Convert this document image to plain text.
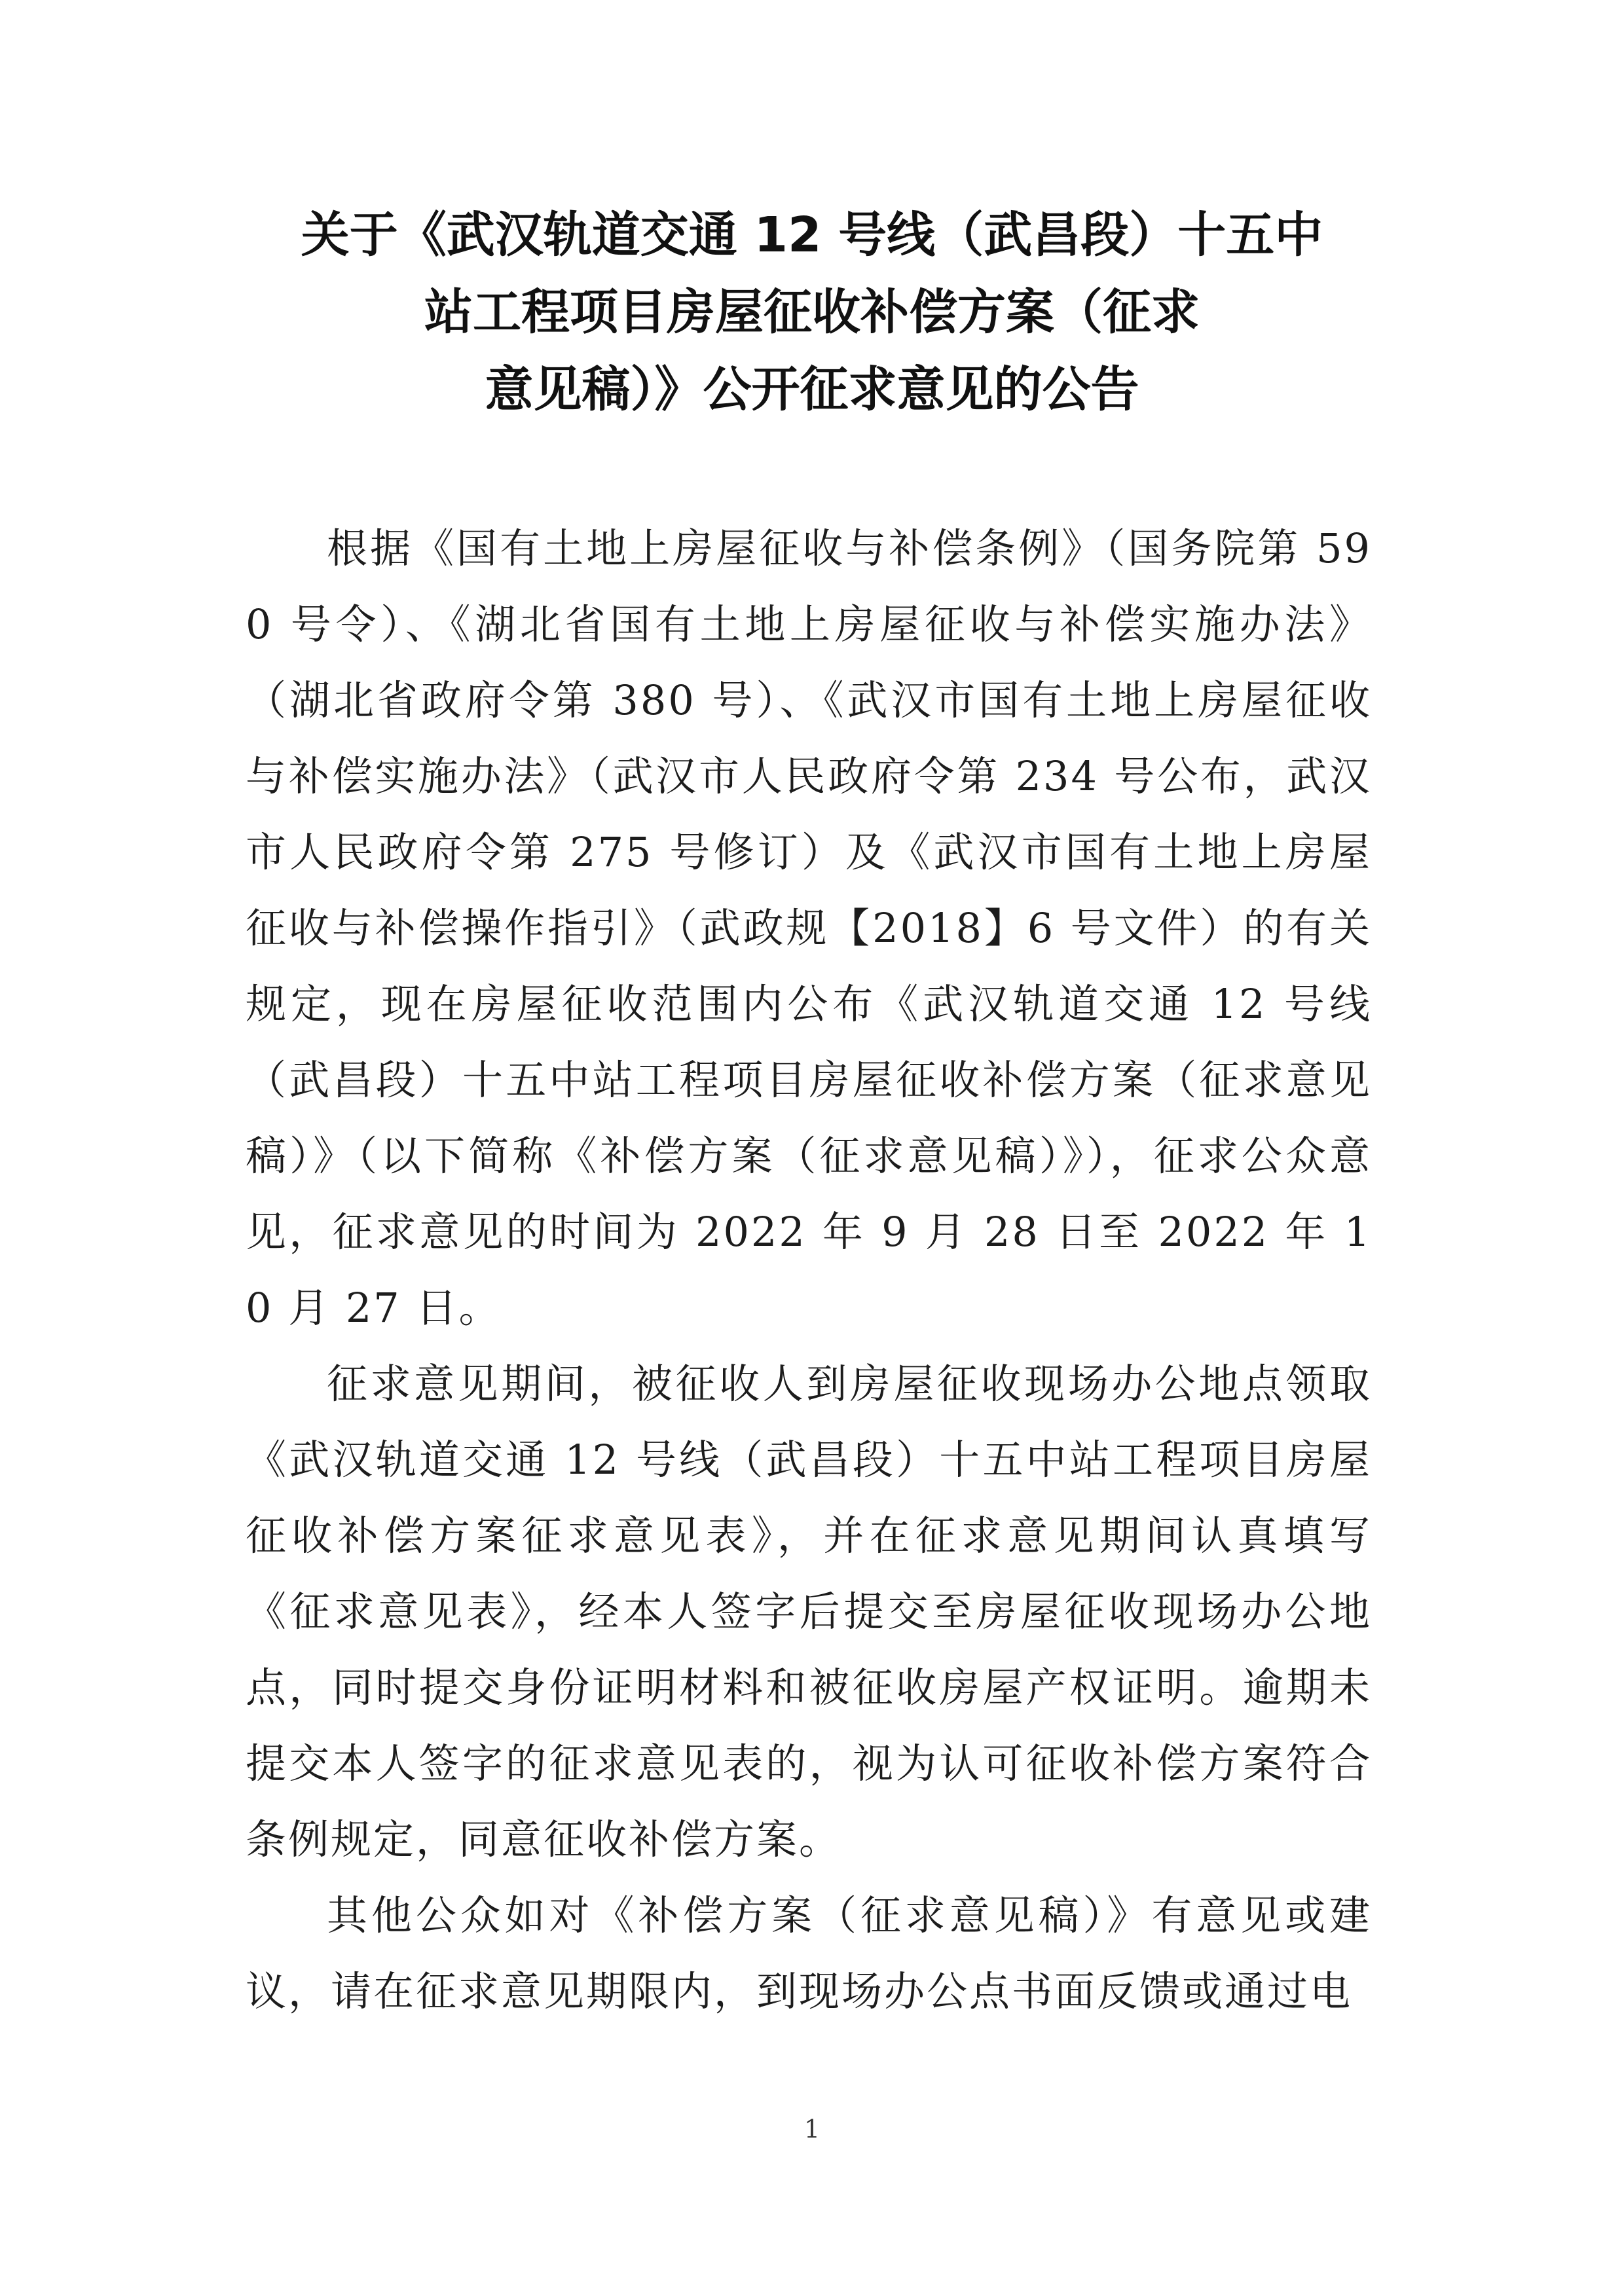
关于《武汉轨道交通 12 号线（武昌段）十五中
站工程项目房屋征收补偿方案（征求
意见稿）》公开征求意见的公告

根据《国有土地上房屋征收与补偿条例》（国务院第 590 号令）、《湖北省国有土地上房屋征收与补偿实施办法》（湖北省政府令第 380 号）、《武汉市国有土地上房屋征收与补偿实施办法》（武汉市人民政府令第 234 号公布，武汉市人民政府令第 275 号修订）及《武汉市国有土地上房屋征收与补偿操作指引》（武政规【2018】6 号文件）的有关规定，现在房屋征收范围内公布《武汉轨道交通 12 号线（武昌段）十五中站工程项目房屋征收补偿方案（征求意见稿）》（以下简称《补偿方案（征求意见稿）》），征求公众意见，征求意见的时间为 2022 年 9 月 28 日至 2022 年 10 月 27 日。

征求意见期间，被征收人到房屋征收现场办公地点领取《武汉轨道交通 12 号线（武昌段）十五中站工程项目房屋征收补偿方案征求意见表》，并在征求意见期间认真填写《征求意见表》，经本人签字后提交至房屋征收现场办公地点，同时提交身份证明材料和被征收房屋产权证明。逾期未提交本人签字的征求意见表的，视为认可征收补偿方案符合条例规定，同意征收补偿方案。

其他公众如对《补偿方案（征求意见稿）》有意见或建议，请在征求意见期限内，到现场办公点书面反馈或通过电

1
